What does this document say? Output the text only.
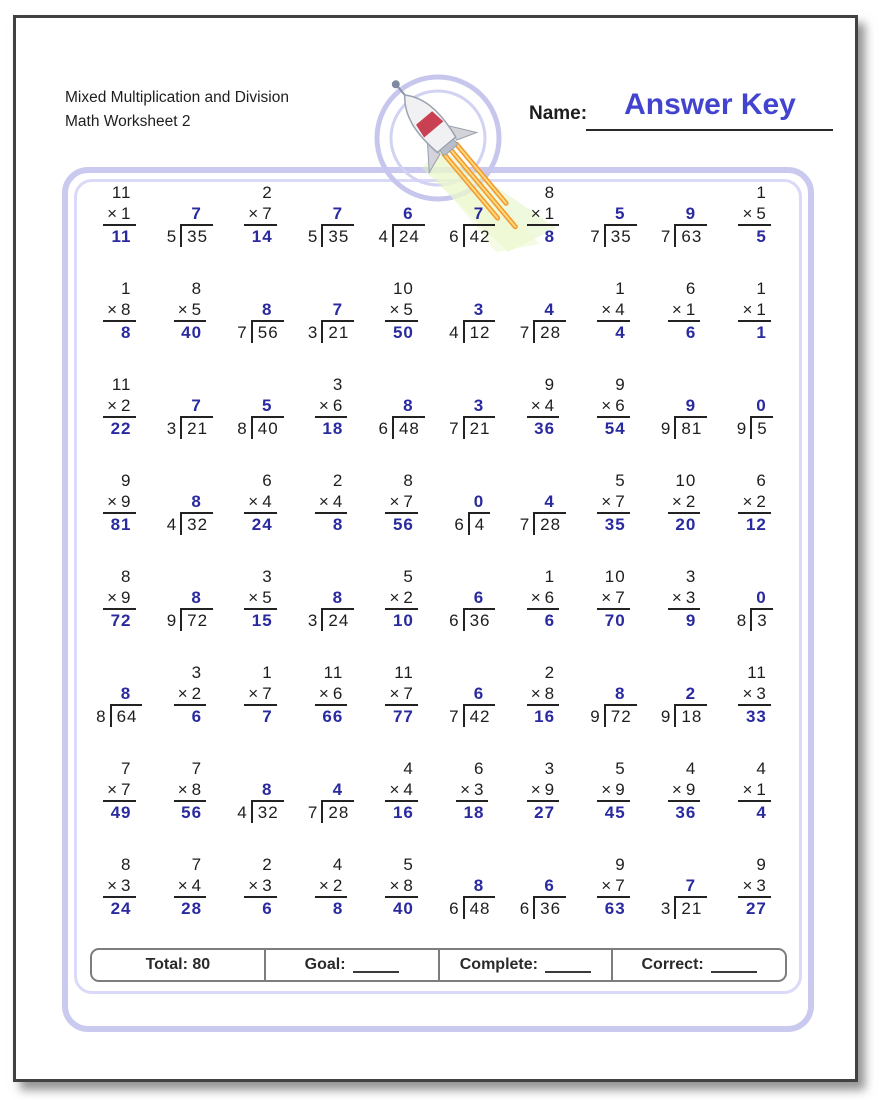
Mixed Multiplication and Division
Math Worksheet 2	Name:	Answer Key
11
× 1
11
7
5 35
2
× 7
14
7
5 35
6
4 24
7
6 42
8
× 1
8
5
7 35
9
7 63
1
× 5
5
1
× 8
8
8
× 5
40
8
7 56
7
3 21
10
× 5
50
3
4 12
4
7 28
1
× 4
4
6
× 1
6
1
× 1
1
11
× 2
22
7
3 21
5
8 40
3
× 6
18
8
6 48
3
7 21
9
× 4
36
9
× 6
54
9
9 81
0
9 5
9
× 9
81
8
4 32
6
× 4
24
2
× 4
8
8
× 7
56
0
6 4
4
7 28
5
× 7
35
10
× 2
20
6
× 2
12
8
× 9
72
8
9 72
3
× 5
15
8
3 24
5
× 2
10
6
6 36
1
× 6
6
10
× 7
70
3
× 3
9
0
8 3
8
8 64
3
× 2
6
1
× 7
7
11
× 6
66
11
× 7
77
6
7 42
2
× 8
16
8
9 72
2
9 18
11
× 3
33
7
× 7
49
7
× 8
56
8
4 32
4
7 28
4
× 4
16
6
× 3
18
3
× 9
27
5
× 9
45
4
× 9
36
4
× 1
4
8
× 3
24
7
× 4
28
2
× 3
6
4
× 2
8
5
× 8
40
8
6 48
6
6 36
9
× 7
63
7
3 21
9
× 3
27
Total: 80	Goal:	Complete:	Correct:
